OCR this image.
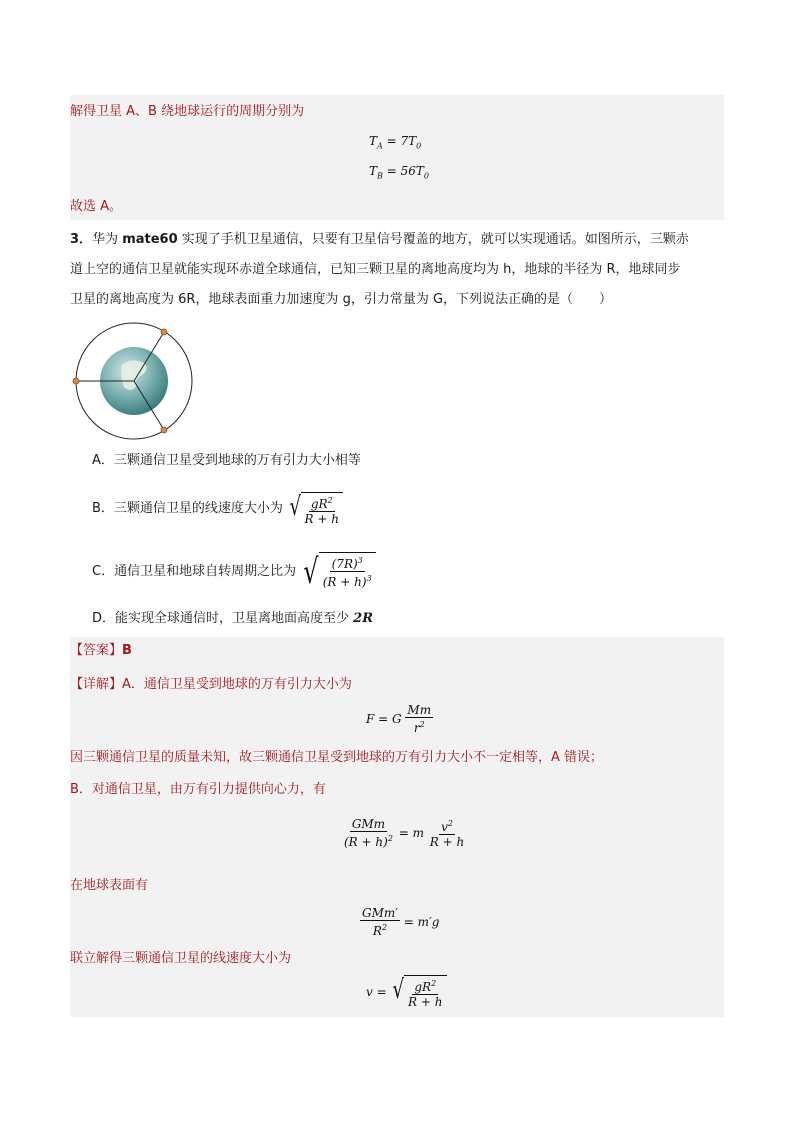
解得卫星 A、B 绕地球运行的周期分别为
$T_A = 7T_0$
$T_B = 56T_0$
故选 A。
3．华为 mate60 实现了手机卫星通信，只要有卫星信号覆盖的地方，就可以实现通话。如图所示，三颗赤
道上空的通信卫星就能实现环赤道全球通信，已知三颗卫星的离地高度均为 h，地球的半径为 R，地球同步
卫星的离地高度为 6R，地球表面重力加速度为 g，引力常量为 G，下列说法正确的是（　　）
A．三颗通信卫星受到地球的万有引力大小相等
B．三颗通信卫星的线速度大小为 √ $\frac{gR^2}{R + h}$
C．通信卫星和地球自转周期之比为 √ $\frac{(7R)^3}{(R + h)^3}$
D．能实现全球通信时，卫星离地面高度至少 2R
【答案】B
【详解】A．通信卫星受到地球的万有引力大小为
F = G $\frac{Mm}{r^2}$
因三颗通信卫星的质量未知，故三颗通信卫星受到地球的万有引力大小不一定相等，A 错误；
B．对通信卫星，由万有引力提供向心力，有
$\frac{\text{GMm}}{(R + h)^2} = m \frac{v^2}{R + h}$
在地球表面有
$\frac{\text{GMm′}}{R^2} = m'g$
联立解得三颗通信卫星的线速度大小为
v = √ $\frac{gR^2}{R + h}$
